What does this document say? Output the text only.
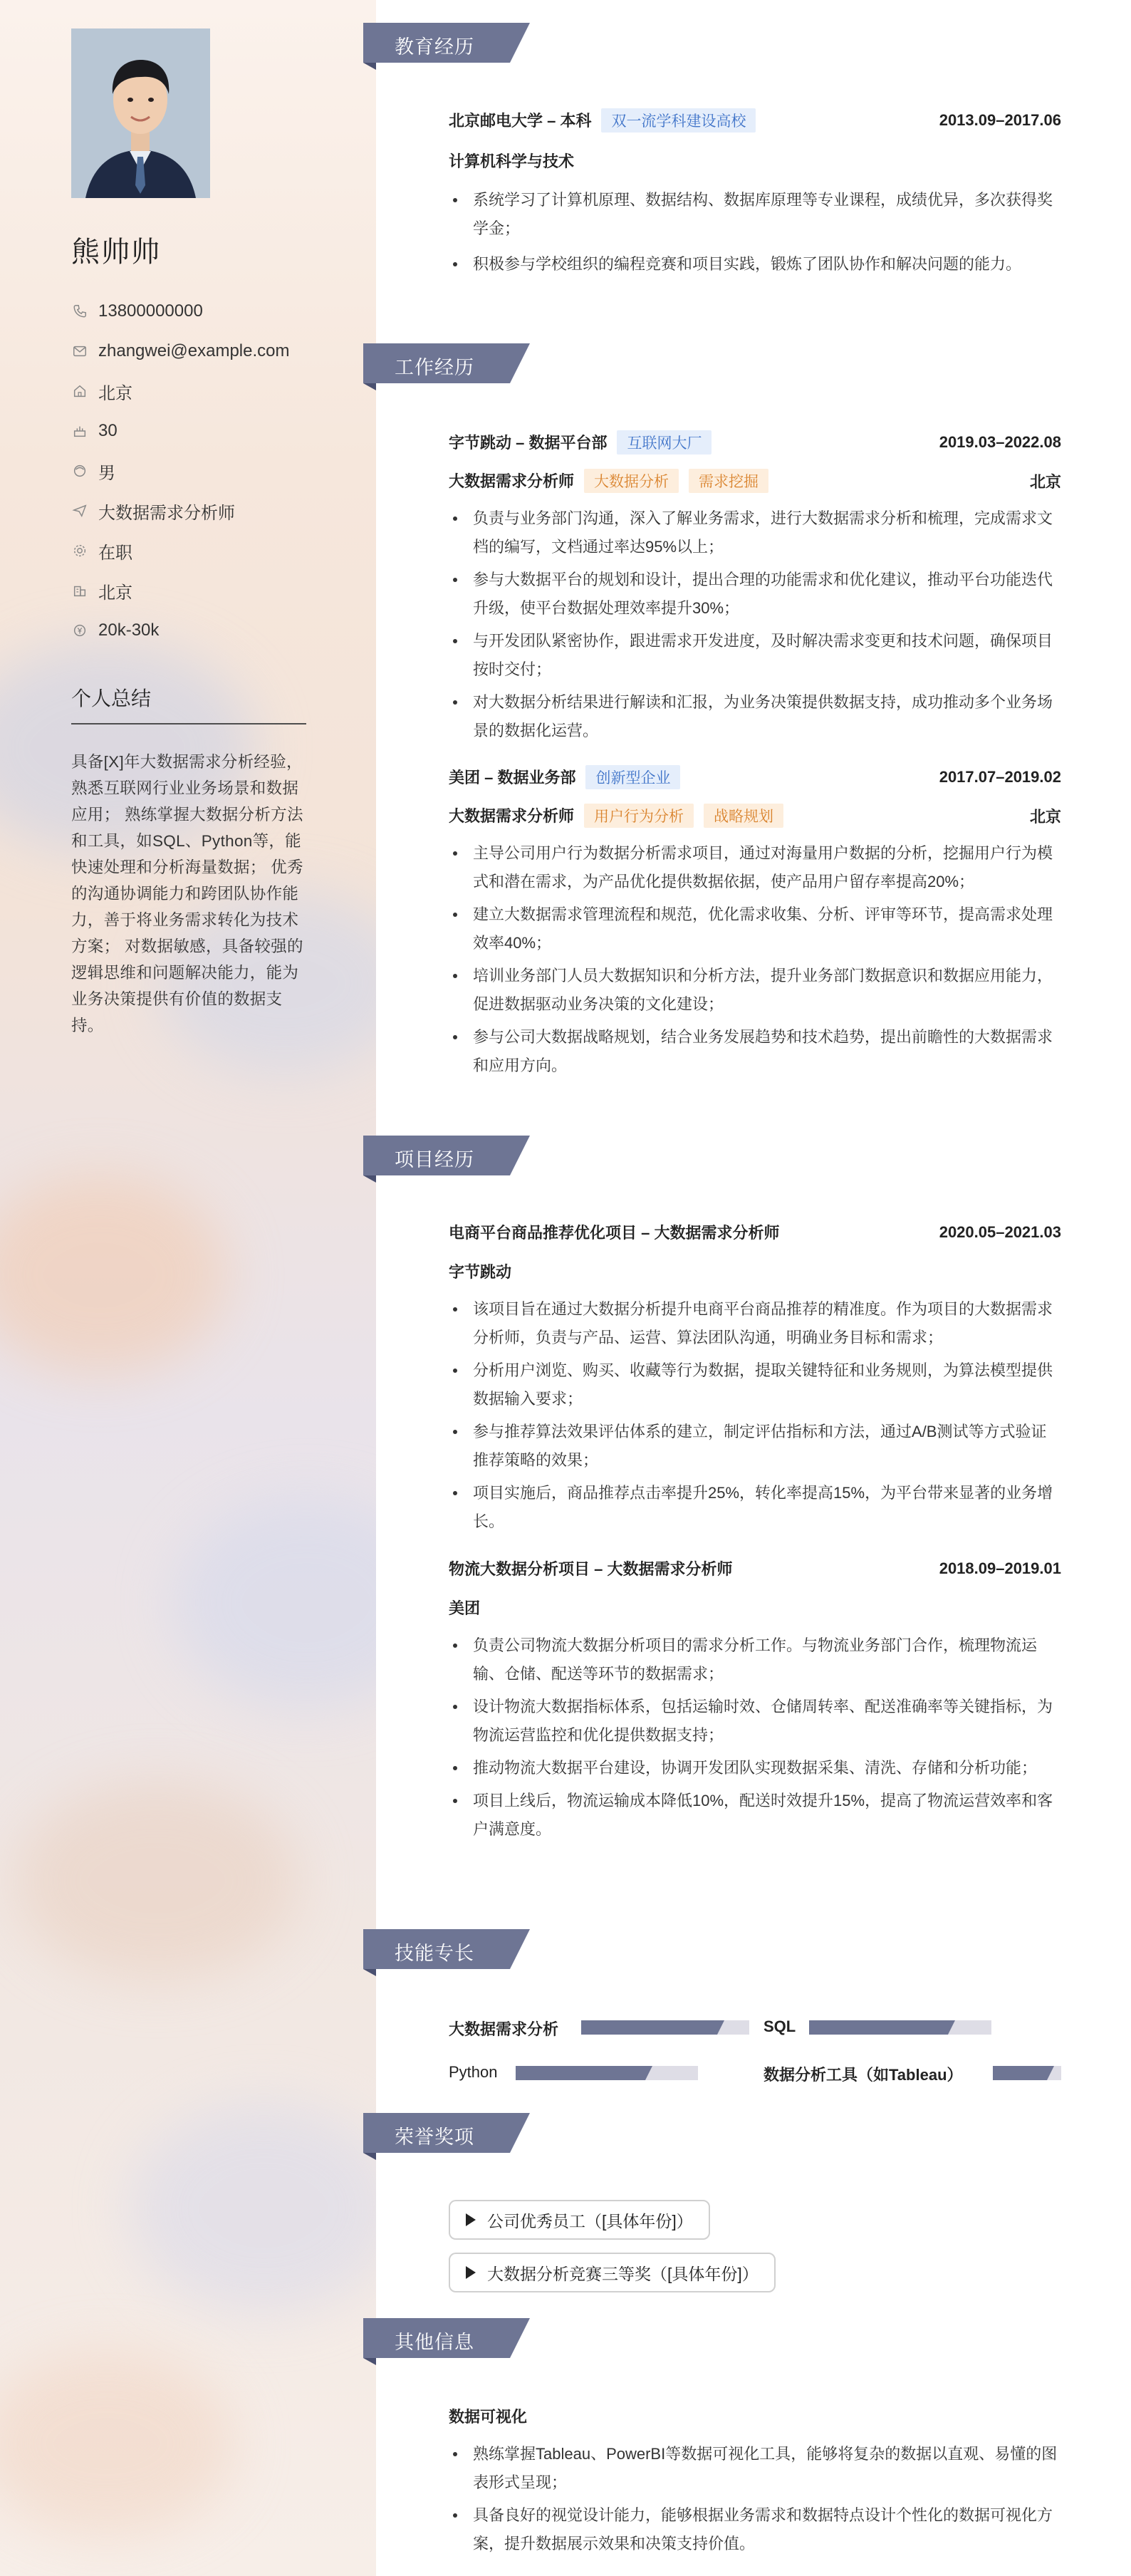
熊帅帅
13800000000
zhangwei@example.com
北京
30
男
大数据需求分析师
在职
北京
20k-30k
个人总结
具备[X]年大数据需求分析经验，熟悉互联网行业业务场景和数据应用； 熟练掌握大数据分析方法和工具，如SQL、Python等，能快速处理和分析海量数据； 优秀的沟通协调能力和跨团队协作能力，善于将业务需求转化为技术方案； 对数据敏感，具备较强的逻辑思维和问题解决能力，能为业务决策提供有价值的数据支持。
教育经历
北京邮电大学 – 本科 双一流学科建设高校	2013.09–2017.06
计算机科学与技术
系统学习了计算机原理、数据结构、数据库原理等专业课程，成绩优异，多次获得奖学金；
积极参与学校组织的编程竞赛和项目实践，锻炼了团队协作和解决问题的能力。
工作经历
字节跳动 – 数据平台部 互联网大厂	2019.03–2022.08
大数据需求分析师 大数据分析 需求挖掘	北京
负责与业务部门沟通，深入了解业务需求，进行大数据需求分析和梳理，完成需求文档的编写，文档通过率达95%以上；
参与大数据平台的规划和设计，提出合理的功能需求和优化建议，推动平台功能迭代升级，使平台数据处理效率提升30%；
与开发团队紧密协作，跟进需求开发进度，及时解决需求变更和技术问题，确保项目按时交付；
对大数据分析结果进行解读和汇报，为业务决策提供数据支持，成功推动多个业务场景的数据化运营。
美团 – 数据业务部 创新型企业	2017.07–2019.02
大数据需求分析师 用户行为分析 战略规划	北京
主导公司用户行为数据分析需求项目，通过对海量用户数据的分析，挖掘用户行为模式和潜在需求，为产品优化提供数据依据，使产品用户留存率提高20%；
建立大数据需求管理流程和规范，优化需求收集、分析、评审等环节，提高需求处理效率40%；
培训业务部门人员大数据知识和分析方法，提升业务部门数据意识和数据应用能力，促进数据驱动业务决策的文化建设；
参与公司大数据战略规划，结合业务发展趋势和技术趋势，提出前瞻性的大数据需求和应用方向。
项目经历
电商平台商品推荐优化项目 – 大数据需求分析师	2020.05–2021.03
字节跳动
该项目旨在通过大数据分析提升电商平台商品推荐的精准度。作为项目的大数据需求分析师，负责与产品、运营、算法团队沟通，明确业务目标和需求；
分析用户浏览、购买、收藏等行为数据，提取关键特征和业务规则，为算法模型提供数据输入要求；
参与推荐算法效果评估体系的建立，制定评估指标和方法，通过A/B测试等方式验证推荐策略的效果；
项目实施后，商品推荐点击率提升25%，转化率提高15%，为平台带来显著的业务增长。
物流大数据分析项目 – 大数据需求分析师	2018.09–2019.01
美团
负责公司物流大数据分析项目的需求分析工作。与物流业务部门合作，梳理物流运输、仓储、配送等环节的数据需求；
设计物流大数据指标体系，包括运输时效、仓储周转率、配送准确率等关键指标，为物流运营监控和优化提供数据支持；
推动物流大数据平台建设，协调开发团队实现数据采集、清洗、存储和分析功能；
项目上线后，物流运输成本降低10%，配送时效提升15%，提高了物流运营效率和客户满意度。
技能专长
大数据需求分析	SQL
Python	数据分析工具（如Tableau）
荣誉奖项
公司优秀员工（[具体年份]）
大数据分析竞赛三等奖（[具体年份]）
其他信息
数据可视化
熟练掌握Tableau、PowerBI等数据可视化工具，能够将复杂的数据以直观、易懂的图表形式呈现；
具备良好的视觉设计能力，能够根据业务需求和数据特点设计个性化的数据可视化方案，提升数据展示效果和决策支持价值。
